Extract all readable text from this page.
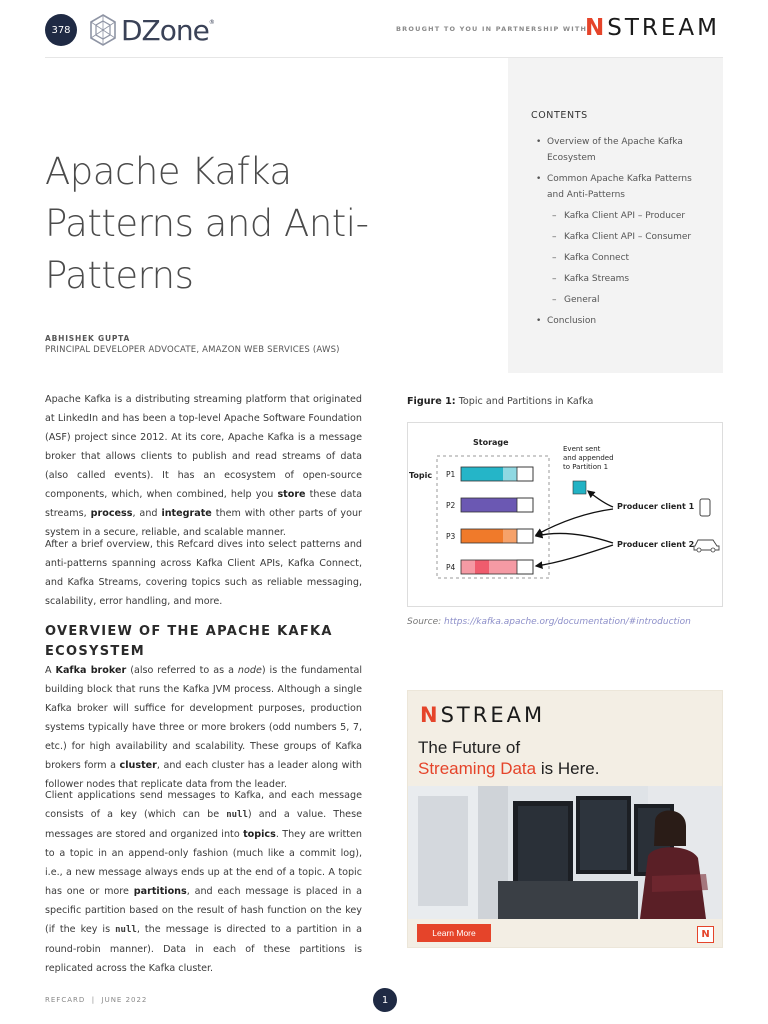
378 DZone®
BROUGHT TO YOU IN PARTNERSHIP WITH
NSTREAM
CONTENTS
• Overview of the Apache Kafka Ecosystem
• Common Apache Kafka Patterns and Anti-Patterns
– Kafka Client API – Producer
– Kafka Client API – Consumer
– Kafka Connect
– Kafka Streams
– General
• Conclusion
Apache Kafka
Patterns and Anti-Patterns
ABHISHEK GUPTA
PRINCIPAL DEVELOPER ADVOCATE, AMAZON WEB SERVICES (AWS)
Apache Kafka is a distributing streaming platform that originated at LinkedIn and has been a top-level Apache Software Foundation (ASF) project since 2012. At its core, Apache Kafka is a message broker that allows clients to publish and read streams of data (also called events). It has an ecosystem of open-source components, which, when combined, help you store these data streams, process, and integrate them with other parts of your system in a secure, reliable, and scalable manner.
After a brief overview, this Refcard dives into select patterns and anti-patterns spanning across Kafka Client APIs, Kafka Connect, and Kafka Streams, covering topics such as reliable messaging, scalability, error handling, and more.
OVERVIEW OF THE APACHE KAFKA ECOSYSTEM
A Kafka broker (also referred to as a node) is the fundamental building block that runs the Kafka JVM process. Although a single Kafka broker will suffice for development purposes, production systems typically have three or more brokers (odd numbers 5, 7, etc.) for high availability and scalability. These groups of Kafka brokers form a cluster, and each cluster has a leader along with follower nodes that replicate data from the leader.
Client applications send messages to Kafka, and each message consists of a key (which can be null) and a value. These messages are stored and organized into topics. They are written to a topic in an append-only fashion (much like a commit log), i.e., a new message always ends up at the end of a topic. A topic has one or more partitions, and each message is placed in a specific partition based on the result of hash function on the key (if the key is null, the message is directed to a partition in a round-robin manner). Data in each of these partitions is replicated across the Kafka cluster.
Figure 1: Topic and Partitions in Kafka
Storage
Topic P1
P2
P3
P4
Event sent
and appended
to Partition 1
Producer client 1
Producer client 2
Source: https://kafka.apache.org/documentation/#introduction
NSTREAM
The Future of
Streaming Data is Here.
Learn More	N
REFCARD  |  JUNE 2022	1
